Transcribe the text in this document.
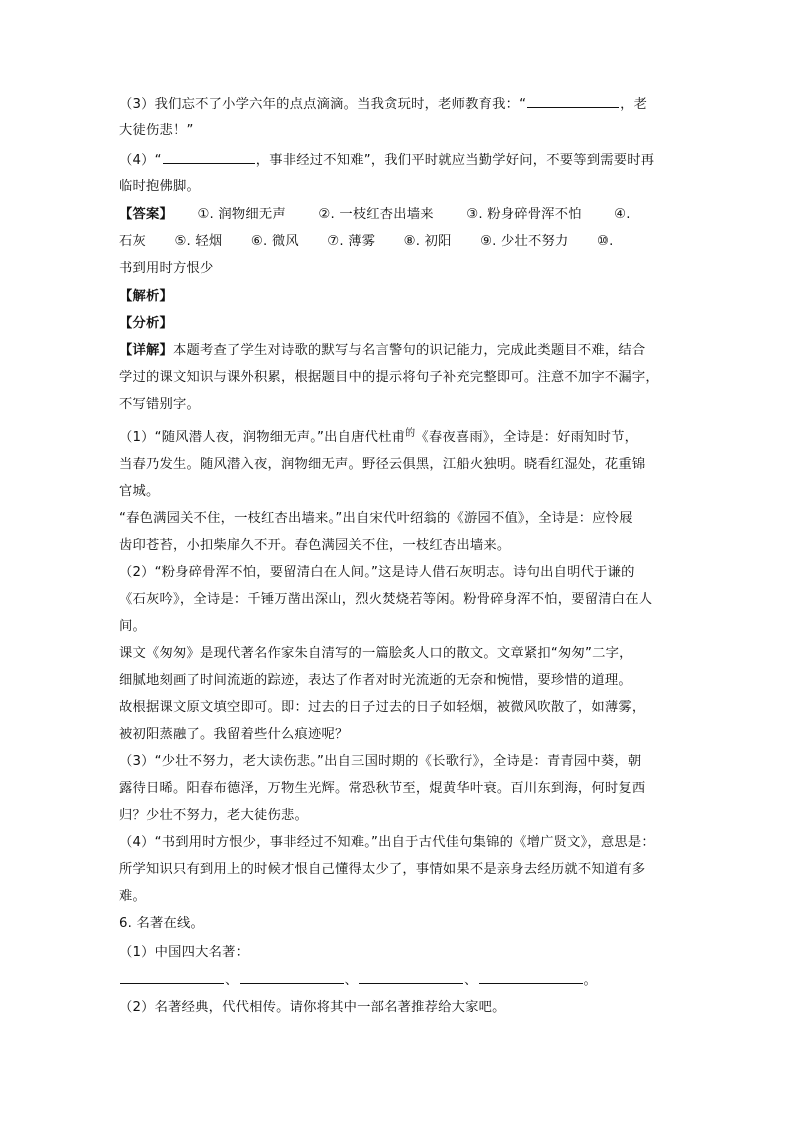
（3）我们忘不了小学六年的点点滴滴。当我贪玩时，老师教育我：“	，老
大徒伤悲！”
（4）“	，事非经过不知难”，我们平时就应当勤学好问，不要等到需要时再
临时抱佛脚。
【答案】 ①. 润物细无声 ②. 一枝红杏出墙来 ③. 粉身碎骨浑不怕 ④.
石灰 ⑤. 轻烟 ⑥. 微风 ⑦. 薄雾 ⑧. 初阳 ⑨. 少壮不努力 ⑩.
书到用时方恨少
【解析】
【分析】
【详解】本题考查了学生对诗歌的默写与名言警句的识记能力，完成此类题目不难，结合
学过的课文知识与课外积累，根据题目中的提示将句子补充完整即可。注意不加字不漏字，
不写错别字。
（1）“随风潜人夜，润物细无声。”出自唐代杜甫$^的$《春夜喜雨》，全诗是：好雨知时节，
当春乃发生。随风潜入夜，润物细无声。野径云俱黑，江船火独明。晓看红湿处，花重锦
官城。
“春色满园关不住，一枝红杏出墙来。”出自宋代叶绍翁的《游园不值》，全诗是：应怜屐
齿印苍苔，小扣柴扉久不开。春色满园关不住，一枝红杏出墙来。
（2）“粉身碎骨浑不怕，要留清白在人间。”这是诗人借石灰明志。诗句出自明代于谦的
《石灰吟》，全诗是：千锤万凿出深山，烈火焚烧若等闲。粉骨碎身浑不怕，要留清白在人
间。
课文《匆匆》是现代著名作家朱自清写的一篇脍炙人口的散文。文章紧扣“匆匆”二字，
细腻地刻画了时间流逝的踪迹，表达了作者对时光流逝的无奈和惋惜，要珍惜的道理。
故根据课文原文填空即可。即：过去的日子过去的日子如轻烟，被微风吹散了，如薄雾，
被初阳蒸融了。我留着些什么痕迹呢？
（3）“少壮不努力，老大读伤悲。”出自三国时期的《长歌行》，全诗是：青青园中葵，朝
露待日晞。阳春布德泽，万物生光辉。常恐秋节至，焜黄华叶衰。百川东到海，何时复西
归？少壮不努力，老大徒伤悲。
（4）“书到用时方恨少，事非经过不知难。”出自于古代佳句集锦的《增广贤文》，意思是：
所学知识只有到用上的时候才恨自己懂得太少了，事情如果不是亲身去经历就不知道有多
难。
6. 名著在线。
（1）中国四大名著：
、	、	、	。
（2）名著经典，代代相传。请你将其中一部名著推荐给大家吧。
